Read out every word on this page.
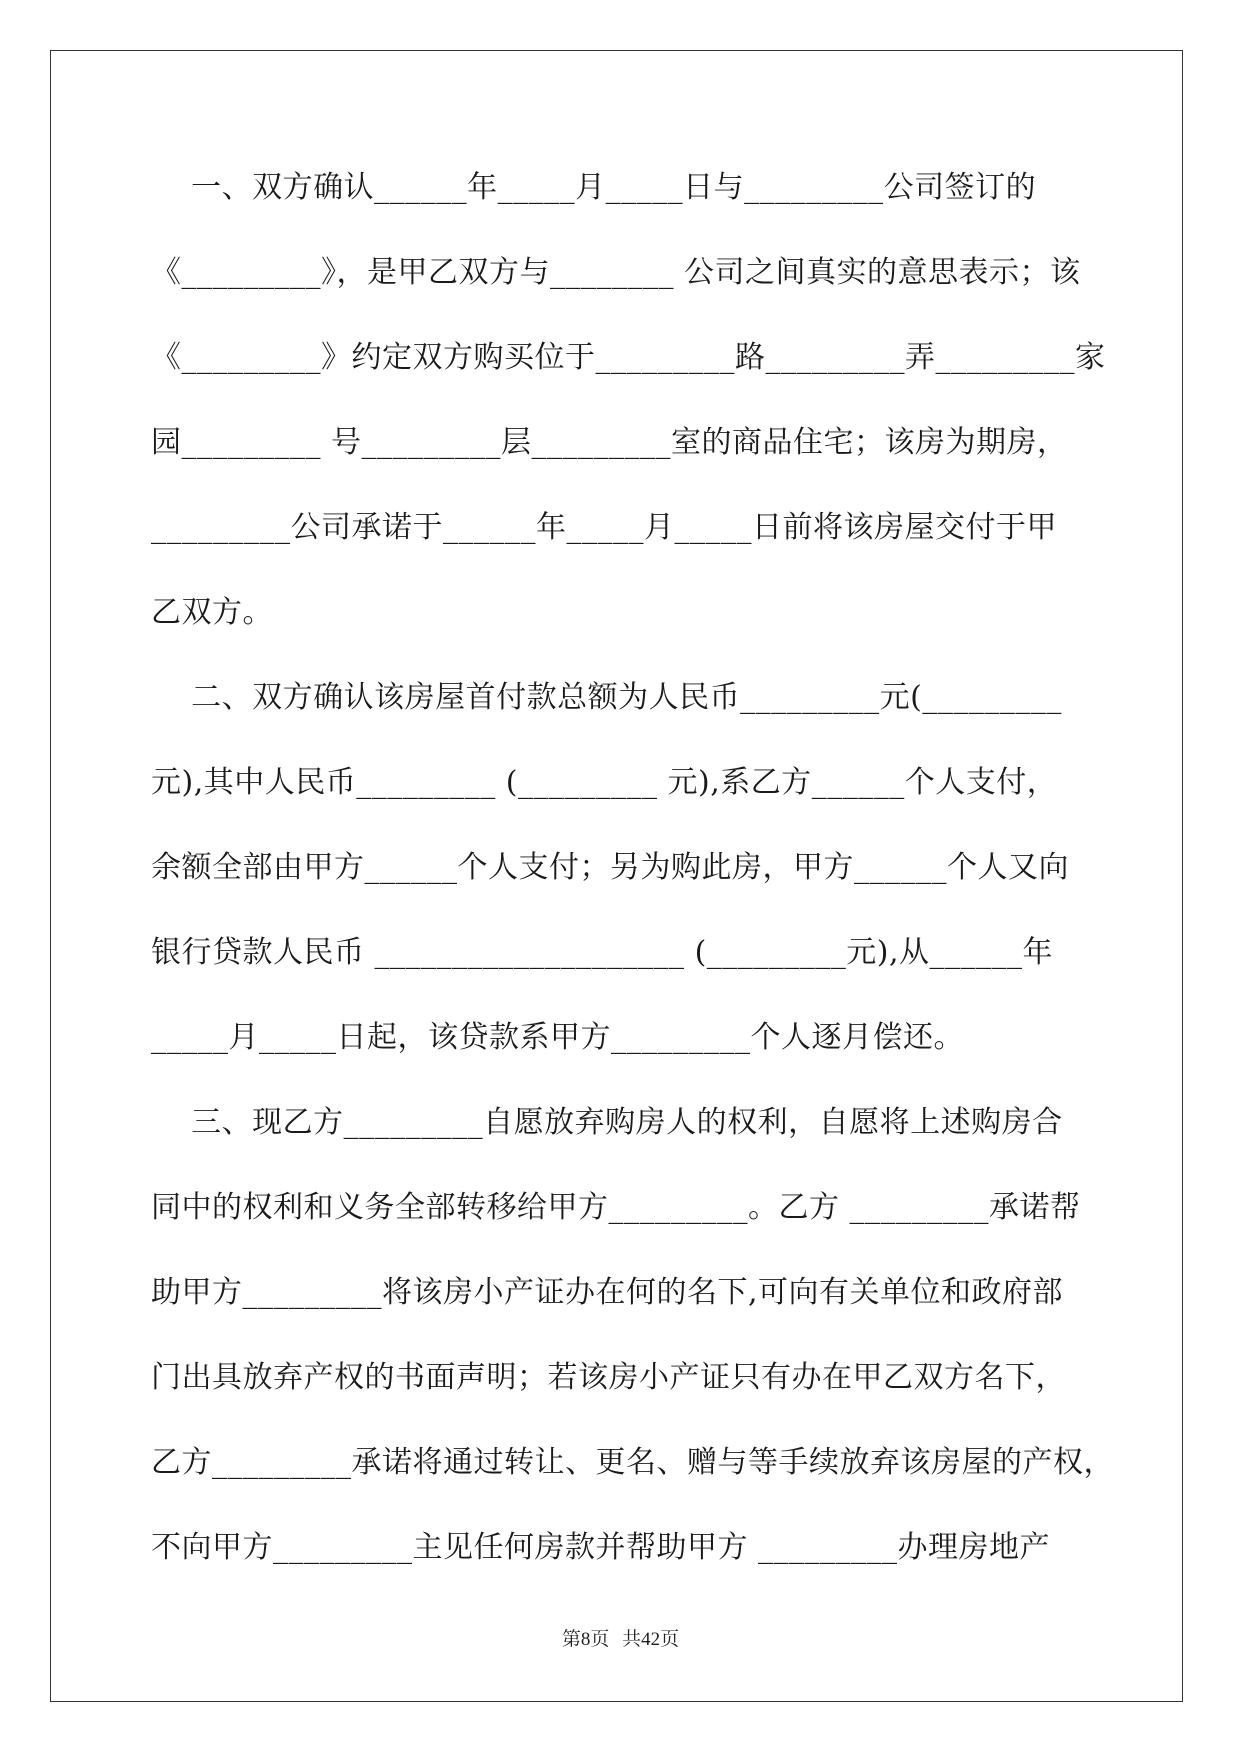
一、双方确认______年_____月_____日与_________公司签订的
《_________》，是甲乙双方与________ 公司之间真实的意思表示；该
《_________》约定双方购买位于_________路_________弄_________家
园_________ 号_________层_________室的商品住宅；该房为期房，
_________公司承诺于______年_____月_____日前将该房屋交付于甲
乙双方。
二、双方确认该房屋首付款总额为人民币_________元(_________
元),其中人民币_________ (_________ 元),系乙方______个人支付，
余额全部由甲方______个人支付；另为购此房，甲方______个人又向
银行贷款人民币 ____________________ (_________元),从______年
_____月_____日起，该贷款系甲方_________个人逐月偿还。
三、现乙方_________自愿放弃购房人的权利，自愿将上述购房合
同中的权利和义务全部转移给甲方_________。乙方 _________承诺帮
助甲方_________将该房小产证办在何的名下,可向有关单位和政府部
门出具放弃产权的书面声明；若该房小产证只有办在甲乙双方名下，
乙方_________承诺将通过转让、更名、赠与等手续放弃该房屋的产权，
不向甲方_________主见任何房款并帮助甲方 _________办理房地产
第8页 共42页
